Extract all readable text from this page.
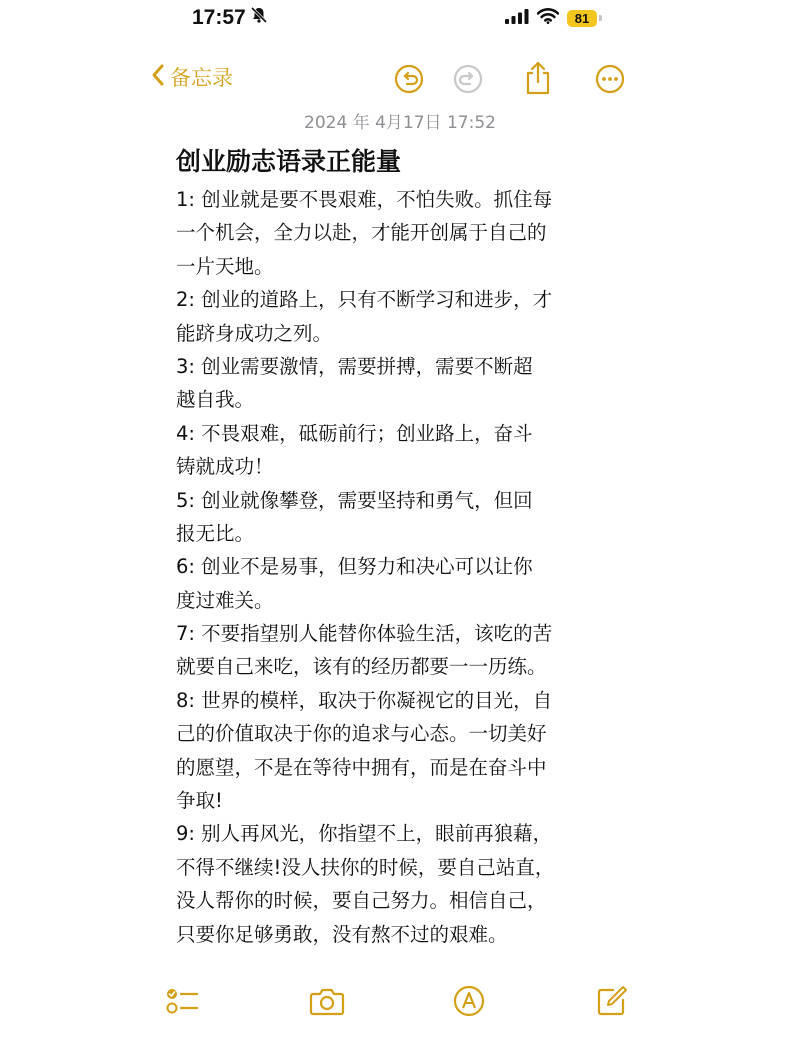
17:57	81
备忘录
2024 年 4月17日 17:52
创业励志语录正能量
1: 创业就是要不畏艰难，不怕失败。抓住每
一个机会，全力以赴，才能开创属于自己的
一片天地。
2: 创业的道路上，只有不断学习和进步，才
能跻身成功之列。
3: 创业需要激情，需要拼搏，需要不断超
越自我。
4: 不畏艰难，砥砺前行；创业路上，奋斗
铸就成功！
5: 创业就像攀登，需要坚持和勇气，但回
报无比。
6: 创业不是易事，但努力和决心可以让你
度过难关。
7: 不要指望别人能替你体验生活，该吃的苦
就要自己来吃，该有的经历都要一一历练。
8: 世界的模样，取决于你凝视它的目光，自
己的价值取决于你的追求与心态。一切美好
的愿望，不是在等待中拥有，而是在奋斗中
争取!
9: 别人再风光，你指望不上，眼前再狼藉，
不得不继续!没人扶你的时候，要自己站直，
没人帮你的时候，要自己努力。相信自己，
只要你足够勇敢，没有熬不过的艰难。
